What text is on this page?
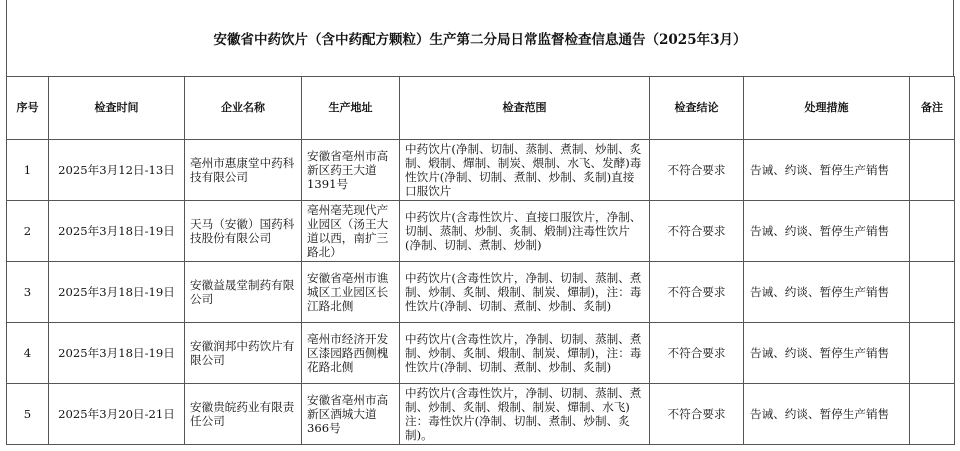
安徽省中药饮片（含中药配方颗粒）生产第二分局日常监督检查信息通告（2025年3月）
序号	检查时间	企业名称	生产地址	检查范围	检查结论	处理措施	备注
1	2025年3月12日-13日	亳州市惠康堂中药科技有限公司	安徽省亳州市高新区药王大道1391号	中药饮片(净制、切制、蒸制、煮制、炒制、炙制、煅制、燀制、制炭、煨制、水飞、发酵)毒性饮片(净制、切制、煮制、炒制、炙制)直接口服饮片	不符合要求	告诫、约谈、暂停生产销售	
2	2025年3月18日-19日	天马（安徽）国药科技股份有限公司	亳州亳芜现代产业园区（汤王大道以西，南扩三路北）	中药饮片(含毒性饮片、直接口服饮片，净制、切制、蒸制、炒制、炙制、煅制)注毒性饮片(净制、切制、煮制、炒制)	不符合要求	告诫、约谈、暂停生产销售	
3	2025年3月18日-19日	安徽益晟堂制药有限公司	安徽省亳州市谯城区工业园区长江路北侧	中药饮片(含毒性饮片，净制、切制、蒸制、煮制、炒制、炙制、煅制、制炭、燀制)，注：毒性饮片(净制、切制、煮制、炒制、炙制)	不符合要求	告诫、约谈、暂停生产销售	
4	2025年3月18日-19日	安徽润邦中药饮片有限公司	亳州市经济开发区漆园路西侧槐花路北侧	中药饮片(含毒性饮片，净制、切制、蒸制、煮制、炒制、炙制、煅制、制炭、燀制)，注：毒性饮片(净制、切制、煮制、炒制、炙制)	不符合要求	告诫、约谈、暂停生产销售	
5	2025年3月20日-21日	安徽贵皖药业有限责任公司	安徽省亳州市高新区酒城大道366号	中药饮片(含毒性饮片，净制、切制、蒸制、煮制、炒制、炙制、煅制、制炭、燀制、水飞)注：毒性饮片(净制、切制、煮制、炒制、炙制)。	不符合要求	告诫、约谈、暂停生产销售	
